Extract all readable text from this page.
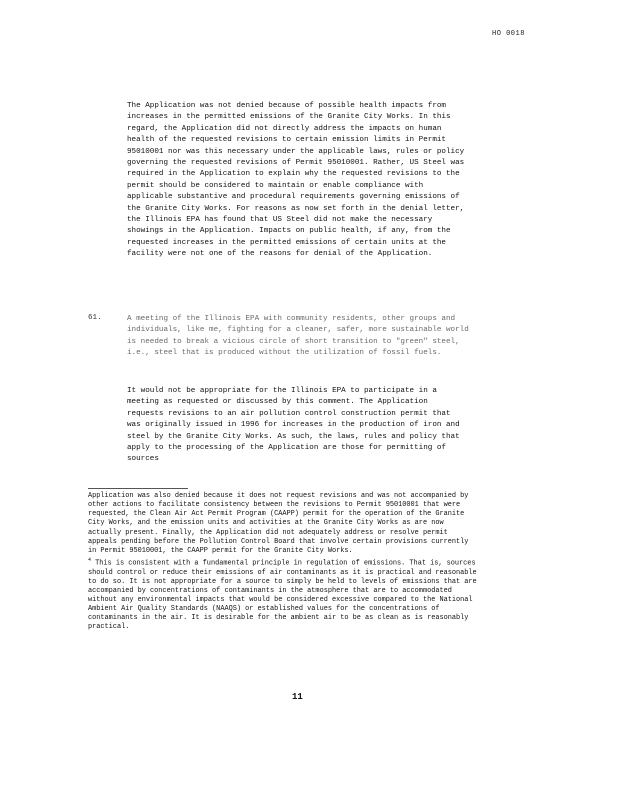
HO 0018

The Application was not denied because of possible health impacts from increases in the permitted emissions of the Granite City Works. In this regard, the Application did not directly address the impacts on human health of the requested revisions to certain emission limits in Permit 95010001 nor was this necessary under the applicable laws, rules or policy governing the requested revisions of Permit 95010001. Rather, US Steel was required in the Application to explain why the requested revisions to the permit should be considered to maintain or enable compliance with applicable substantive and procedural requirements governing emissions of the Granite City Works. For reasons as now set forth in the denial letter, the Illinois EPA has found that US Steel did not make the necessary showings in the Application. Impacts on public health, if any, from the requested increases in the permitted emissions of certain units at the facility were not one of the reasons for denial of the Application.

61.	A meeting of the Illinois EPA with community residents, other groups and individuals, like me, fighting for a cleaner, safer, more sustainable world is needed to break a vicious circle of short transition to "green" steel, i.e., steel that is produced without the utilization of fossil fuels.

It would not be appropriate for the Illinois EPA to participate in a meeting as requested or discussed by this comment. The Application requests revisions to an air pollution control construction permit that was originally issued in 1996 for increases in the production of iron and steel by the Granite City Works. As such, the laws, rules and policy that apply to the processing of the Application are those for permitting of sources

Application was also denied because it does not request revisions and was not accompanied by other actions to facilitate consistency between the revisions to Permit 95010001 that were requested, the Clean Air Act Permit Program (CAAPP) permit for the operation of the Granite City Works, and the emission units and activities at the Granite City Works as are now actually present. Finally, the Application did not adequately address or resolve permit appeals pending before the Pollution Control Board that involve certain provisions currently in Permit 95010001, the CAAPP permit for the Granite City Works.
$^4$ This is consistent with a fundamental principle in regulation of emissions. That is, sources should control or reduce their emissions of air contaminants as it is practical and reasonable to do so. It is not appropriate for a source to simply be held to levels of emissions that are accompanied by concentrations of contaminants in the atmosphere that are to accommodated without any environmental impacts that would be considered excessive compared to the National Ambient Air Quality Standards (NAAQS) or established values for the concentrations of contaminants in the air. It is desirable for the ambient air to be as clean as is reasonably practical.
11
